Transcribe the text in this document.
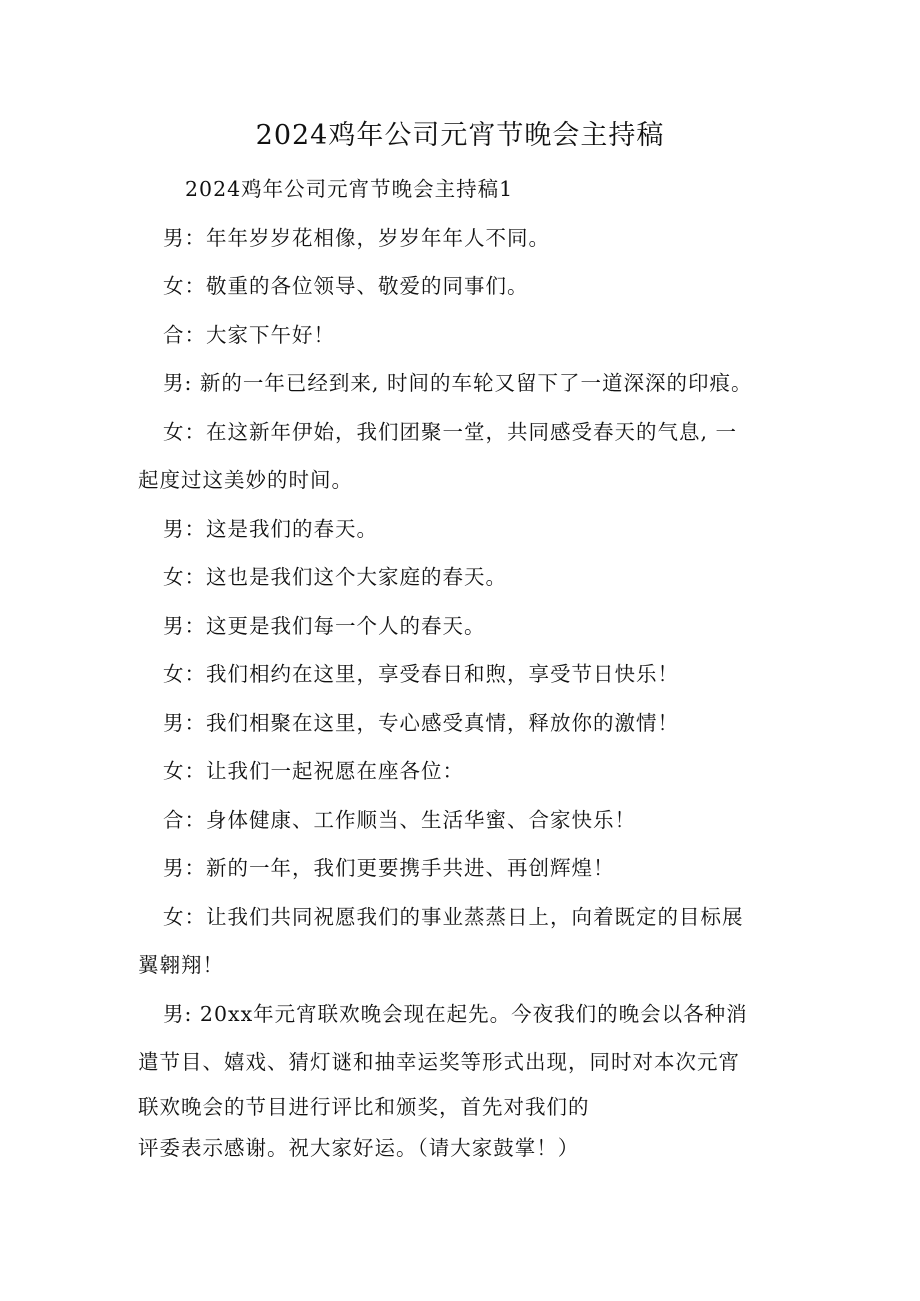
2024鸡年公司元宵节晚会主持稿

2024鸡年公司元宵节晚会主持稿1

男：年年岁岁花相像，岁岁年年人不同。

女：敬重的各位领导、敬爱的同事们。

合：大家下午好！

男: 新的一年已经到来, 时间的车轮又留下了一道深深的印痕。

女：在这新年伊始，我们团聚一堂，共同感受春天的气息, 一

起度过这美妙的时间。

男：这是我们的春天。

女：这也是我们这个大家庭的春天。

男：这更是我们每一个人的春天。

女：我们相约在这里，享受春日和煦，享受节日快乐！

男：我们相聚在这里，专心感受真情，释放你的激情！

女：让我们一起祝愿在座各位：

合：身体健康、工作顺当、生活华蜜、合家快乐！

男：新的一年，我们更要携手共进、再创辉煌！

女：让我们共同祝愿我们的事业蒸蒸日上，向着既定的目标展

翼翱翔！

男: 20xx年元宵联欢晚会现在起先。今夜我们的晚会以各种消

遣节目、嬉戏、猜灯谜和抽幸运奖等形式出现，同时对本次元宵

联欢晚会的节目进行评比和颁奖，首先对我们的

评委表示感谢。祝大家好运。（请大家鼓掌！）
